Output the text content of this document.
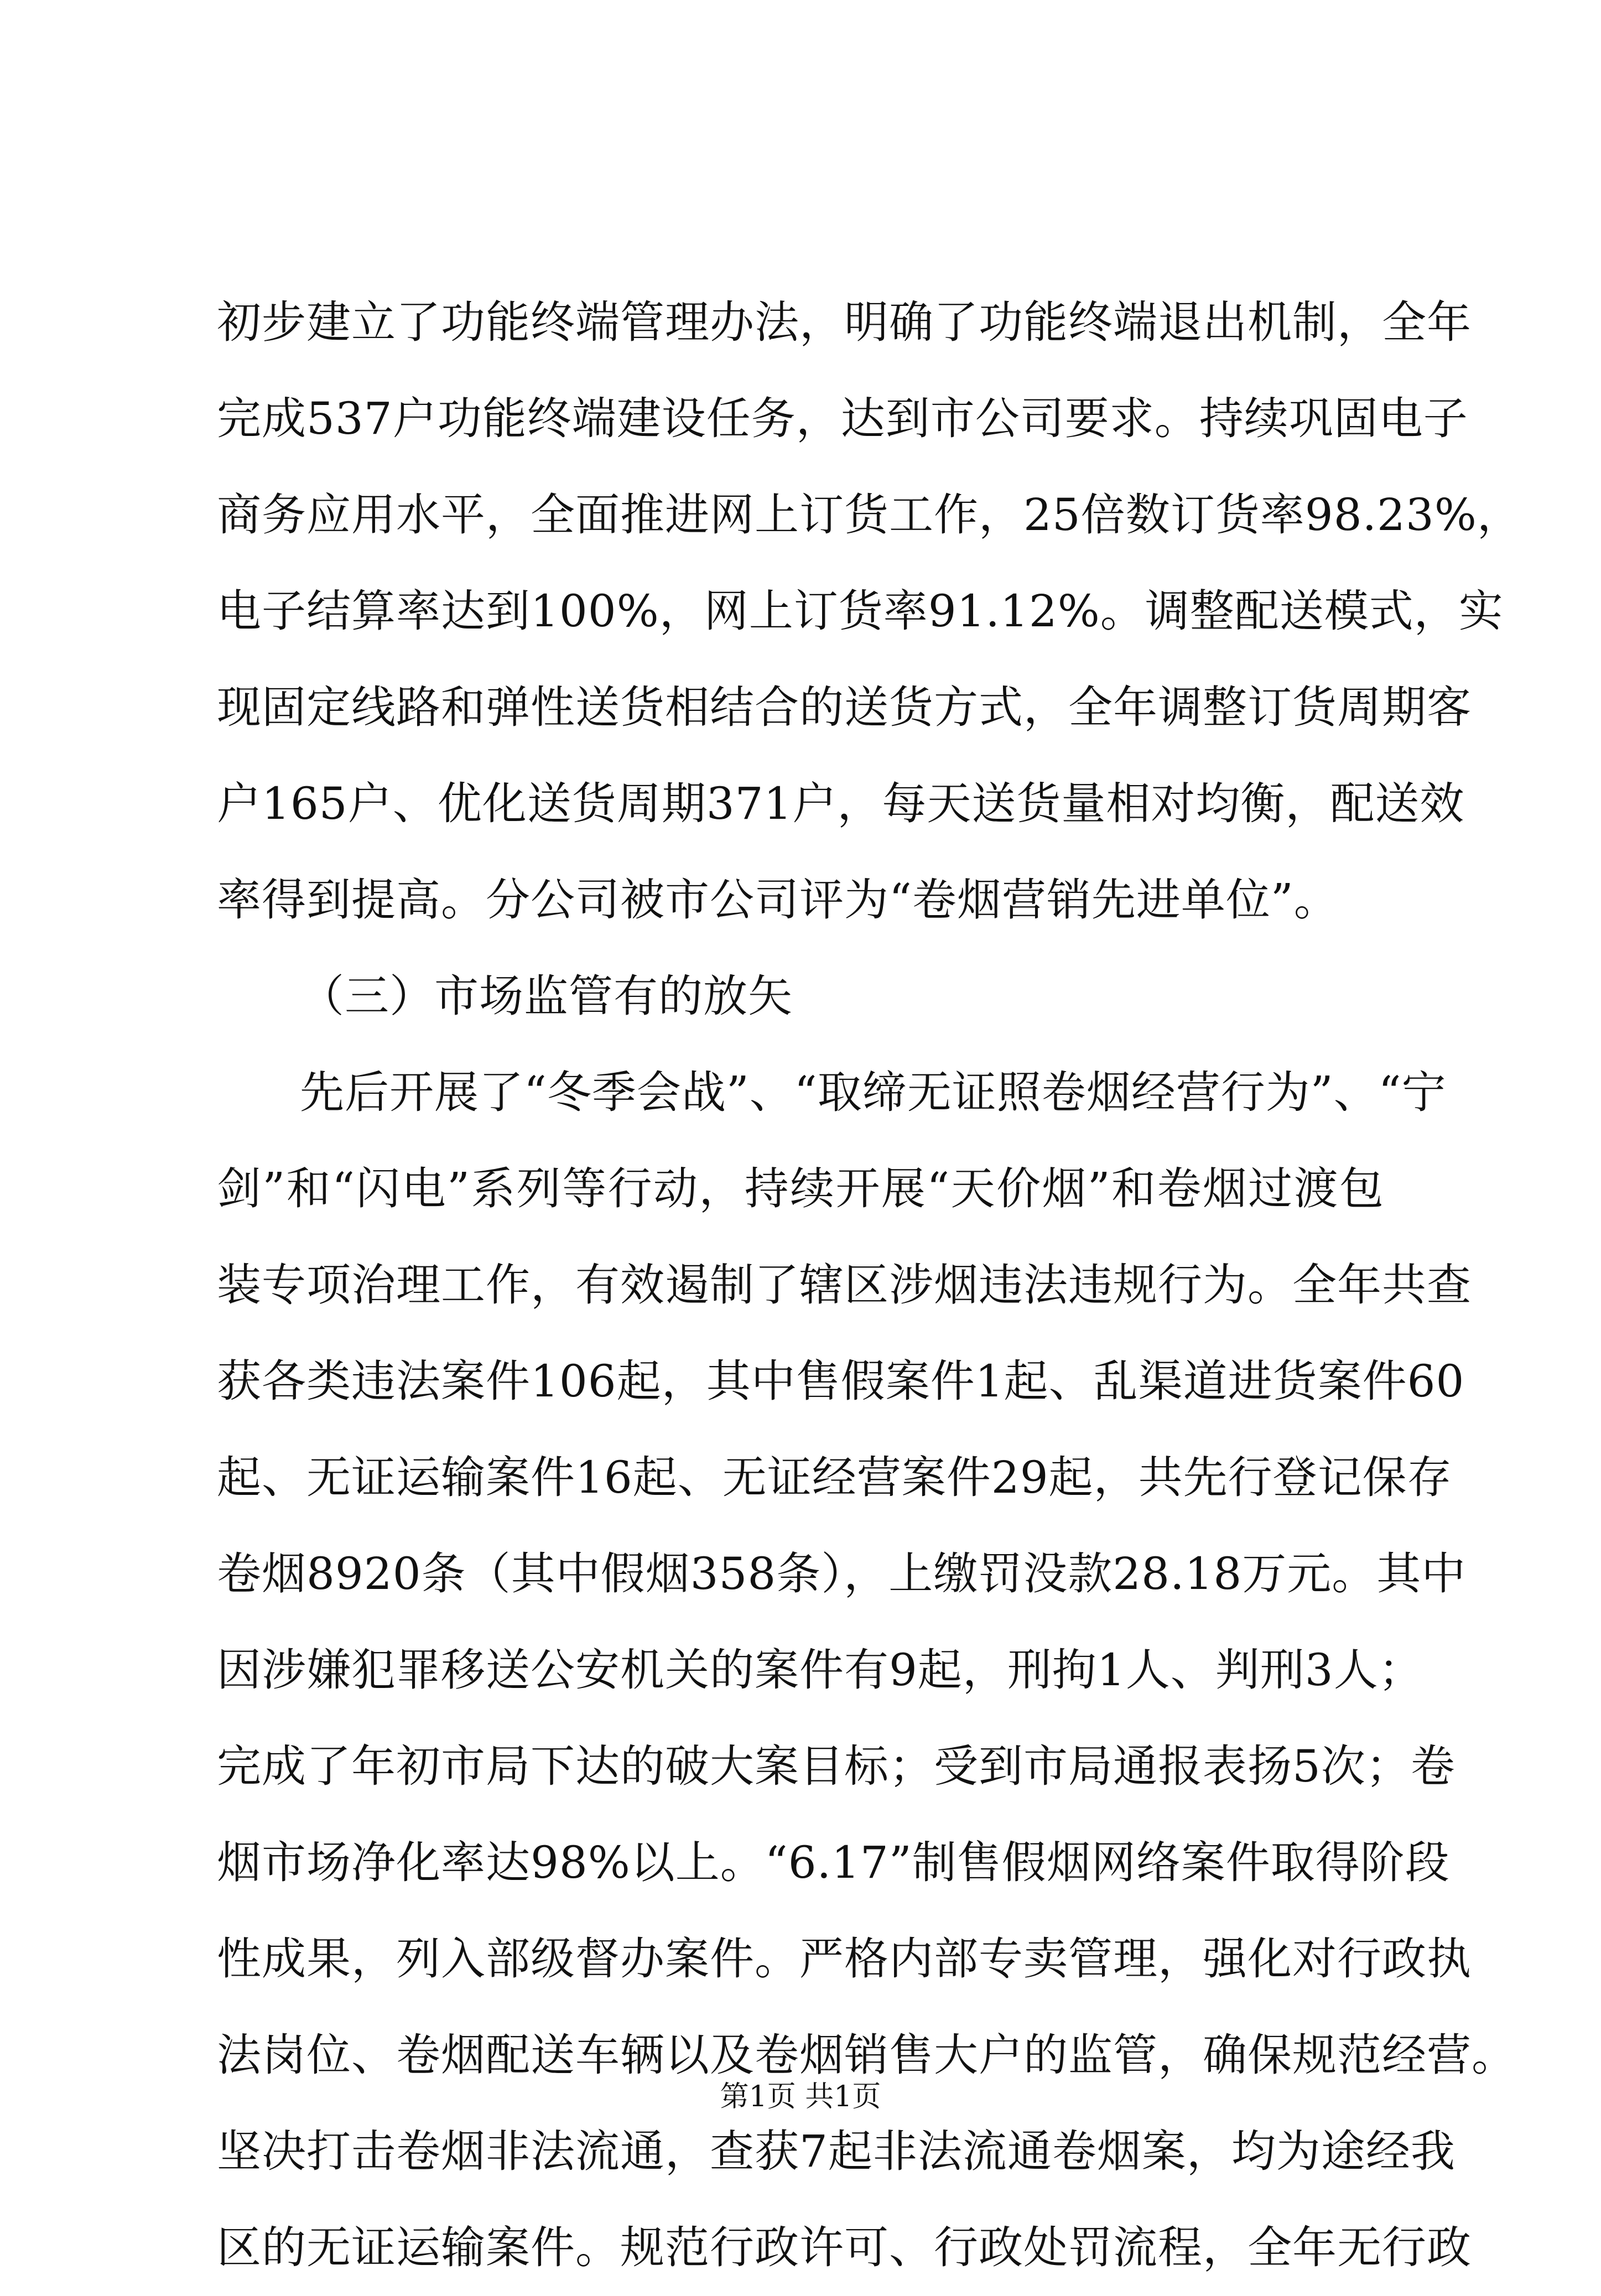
初步建立了功能终端管理办法，明确了功能终端退出机制，全年
完成537户功能终端建设任务，达到市公司要求。持续巩固电子
商务应用水平，全面推进网上订货工作，25倍数订货率98.23%，
电子结算率达到100%，网上订货率91.12%。调整配送模式，实
现固定线路和弹性送货相结合的送货方式，全年调整订货周期客
户165户、优化送货周期371户，每天送货量相对均衡，配送效
率得到提高。分公司被市公司评为“卷烟营销先进单位”。
（三）市场监管有的放矢
先后开展了“冬季会战”、“取缔无证照卷烟经营行为”、“宁
剑”和“闪电”系列等行动，持续开展“天价烟”和卷烟过渡包
装专项治理工作，有效遏制了辖区涉烟违法违规行为。全年共查
获各类违法案件106起，其中售假案件1起、乱渠道进货案件60
起、无证运输案件16起、无证经营案件29起，共先行登记保存
卷烟8920条（其中假烟358条），上缴罚没款28.18万元。其中
因涉嫌犯罪移送公安机关的案件有9起，刑拘1人、判刑3人；
完成了年初市局下达的破大案目标；受到市局通报表扬5次；卷
烟市场净化率达98%以上。“6.17”制售假烟网络案件取得阶段
性成果，列入部级督办案件。严格内部专卖管理，强化对行政执
法岗位、卷烟配送车辆以及卷烟销售大户的监管，确保规范经营。
坚决打击卷烟非法流通，查获7起非法流通卷烟案，均为途经我
区的无证运输案件。规范行政许可、行政处罚流程，全年无行政
第1页 共1页
